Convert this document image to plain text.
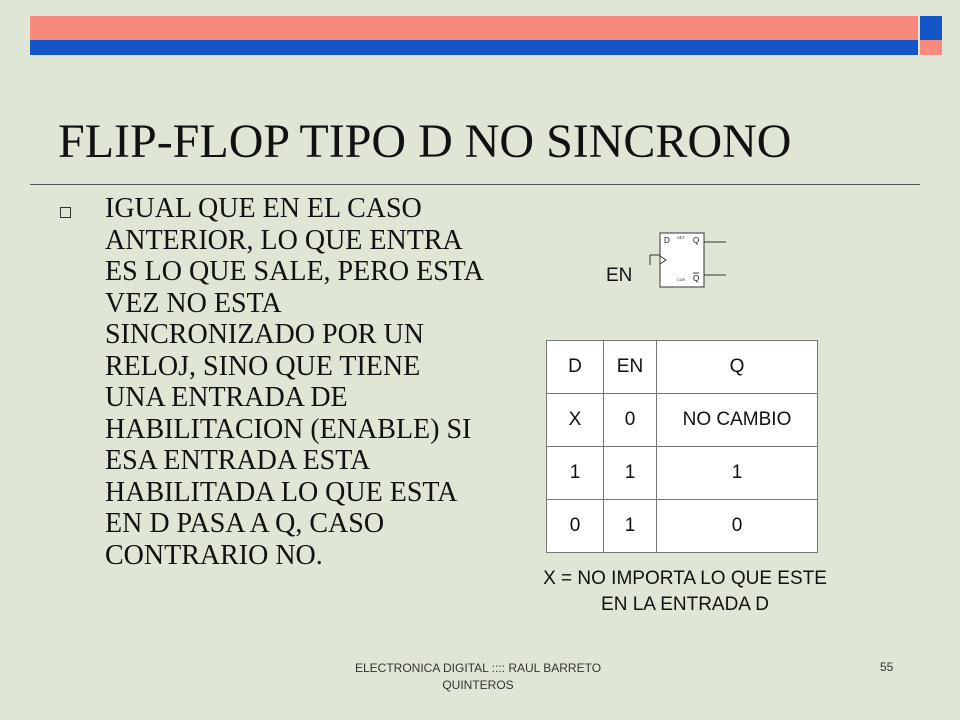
FLIP-FLOP TIPO D NO SINCRONO
IGUAL QUE EN EL CASO ANTERIOR, LO QUE ENTRA ES LO QUE SALE, PERO ESTA VEZ NO ESTA SINCRONIZADO POR UN RELOJ, SINO QUE TIENE UNA ENTRADA DE HABILITACION (ENABLE) SI ESA ENTRADA ESTA HABILITADA LO QUE ESTA EN D PASA A Q, CASO CONTRARIO NO.
D SET Q
CLR Q
EN
D	EN	Q
X	0	NO CAMBIO
1	1	1
0	1	0
X = NO IMPORTA LO QUE ESTE EN LA ENTRADA D
ELECTRONICA DIGITAL :::: RAUL BARRETO QUINTEROS
55
